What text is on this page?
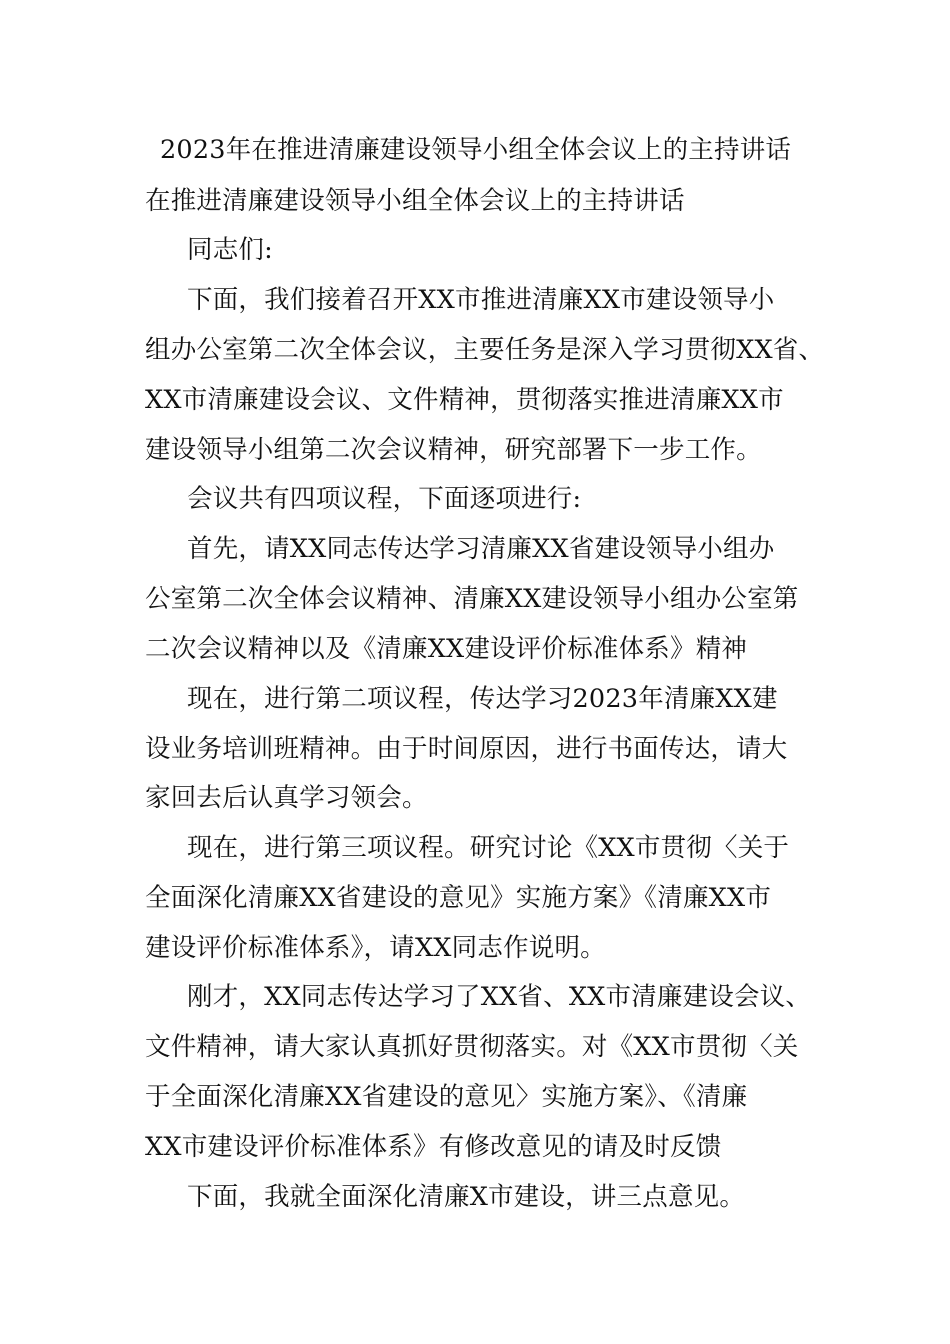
2023年在推进清廉建设领导小组全体会议上的主持讲话
在推进清廉建设领导小组全体会议上的主持讲话
同志们:
下面，我们接着召开XX市推进清廉XX市建设领导小
组办公室第二次全体会议，主要任务是深入学习贯彻XX省、
XX市清廉建设会议、文件精神，贯彻落实推进清廉XX市
建设领导小组第二次会议精神，研究部署下一步工作。
会议共有四项议程，下面逐项进行:
首先，请XX同志传达学习清廉XX省建设领导小组办
公室第二次全体会议精神、清廉XX建设领导小组办公室第
二次会议精神以及《清廉XX建设评价标准体系》精神
现在，进行第二项议程，传达学习2023年清廉XX建
设业务培训班精神。由于时间原因，进行书面传达，请大
家回去后认真学习领会。
现在，进行第三项议程。研究讨论《XX市贯彻〈关于
全面深化清廉XX省建设的意见》实施方案》《清廉XX市
建设评价标准体系》，请XX同志作说明。
刚才，XX同志传达学习了XX省、XX市清廉建设会议、
文件精神，请大家认真抓好贯彻落实。对《XX市贯彻〈关
于全面深化清廉XX省建设的意见〉实施方案》、《清廉
XX市建设评价标准体系》有修改意见的请及时反馈
下面，我就全面深化清廉X市建设，讲三点意见。
